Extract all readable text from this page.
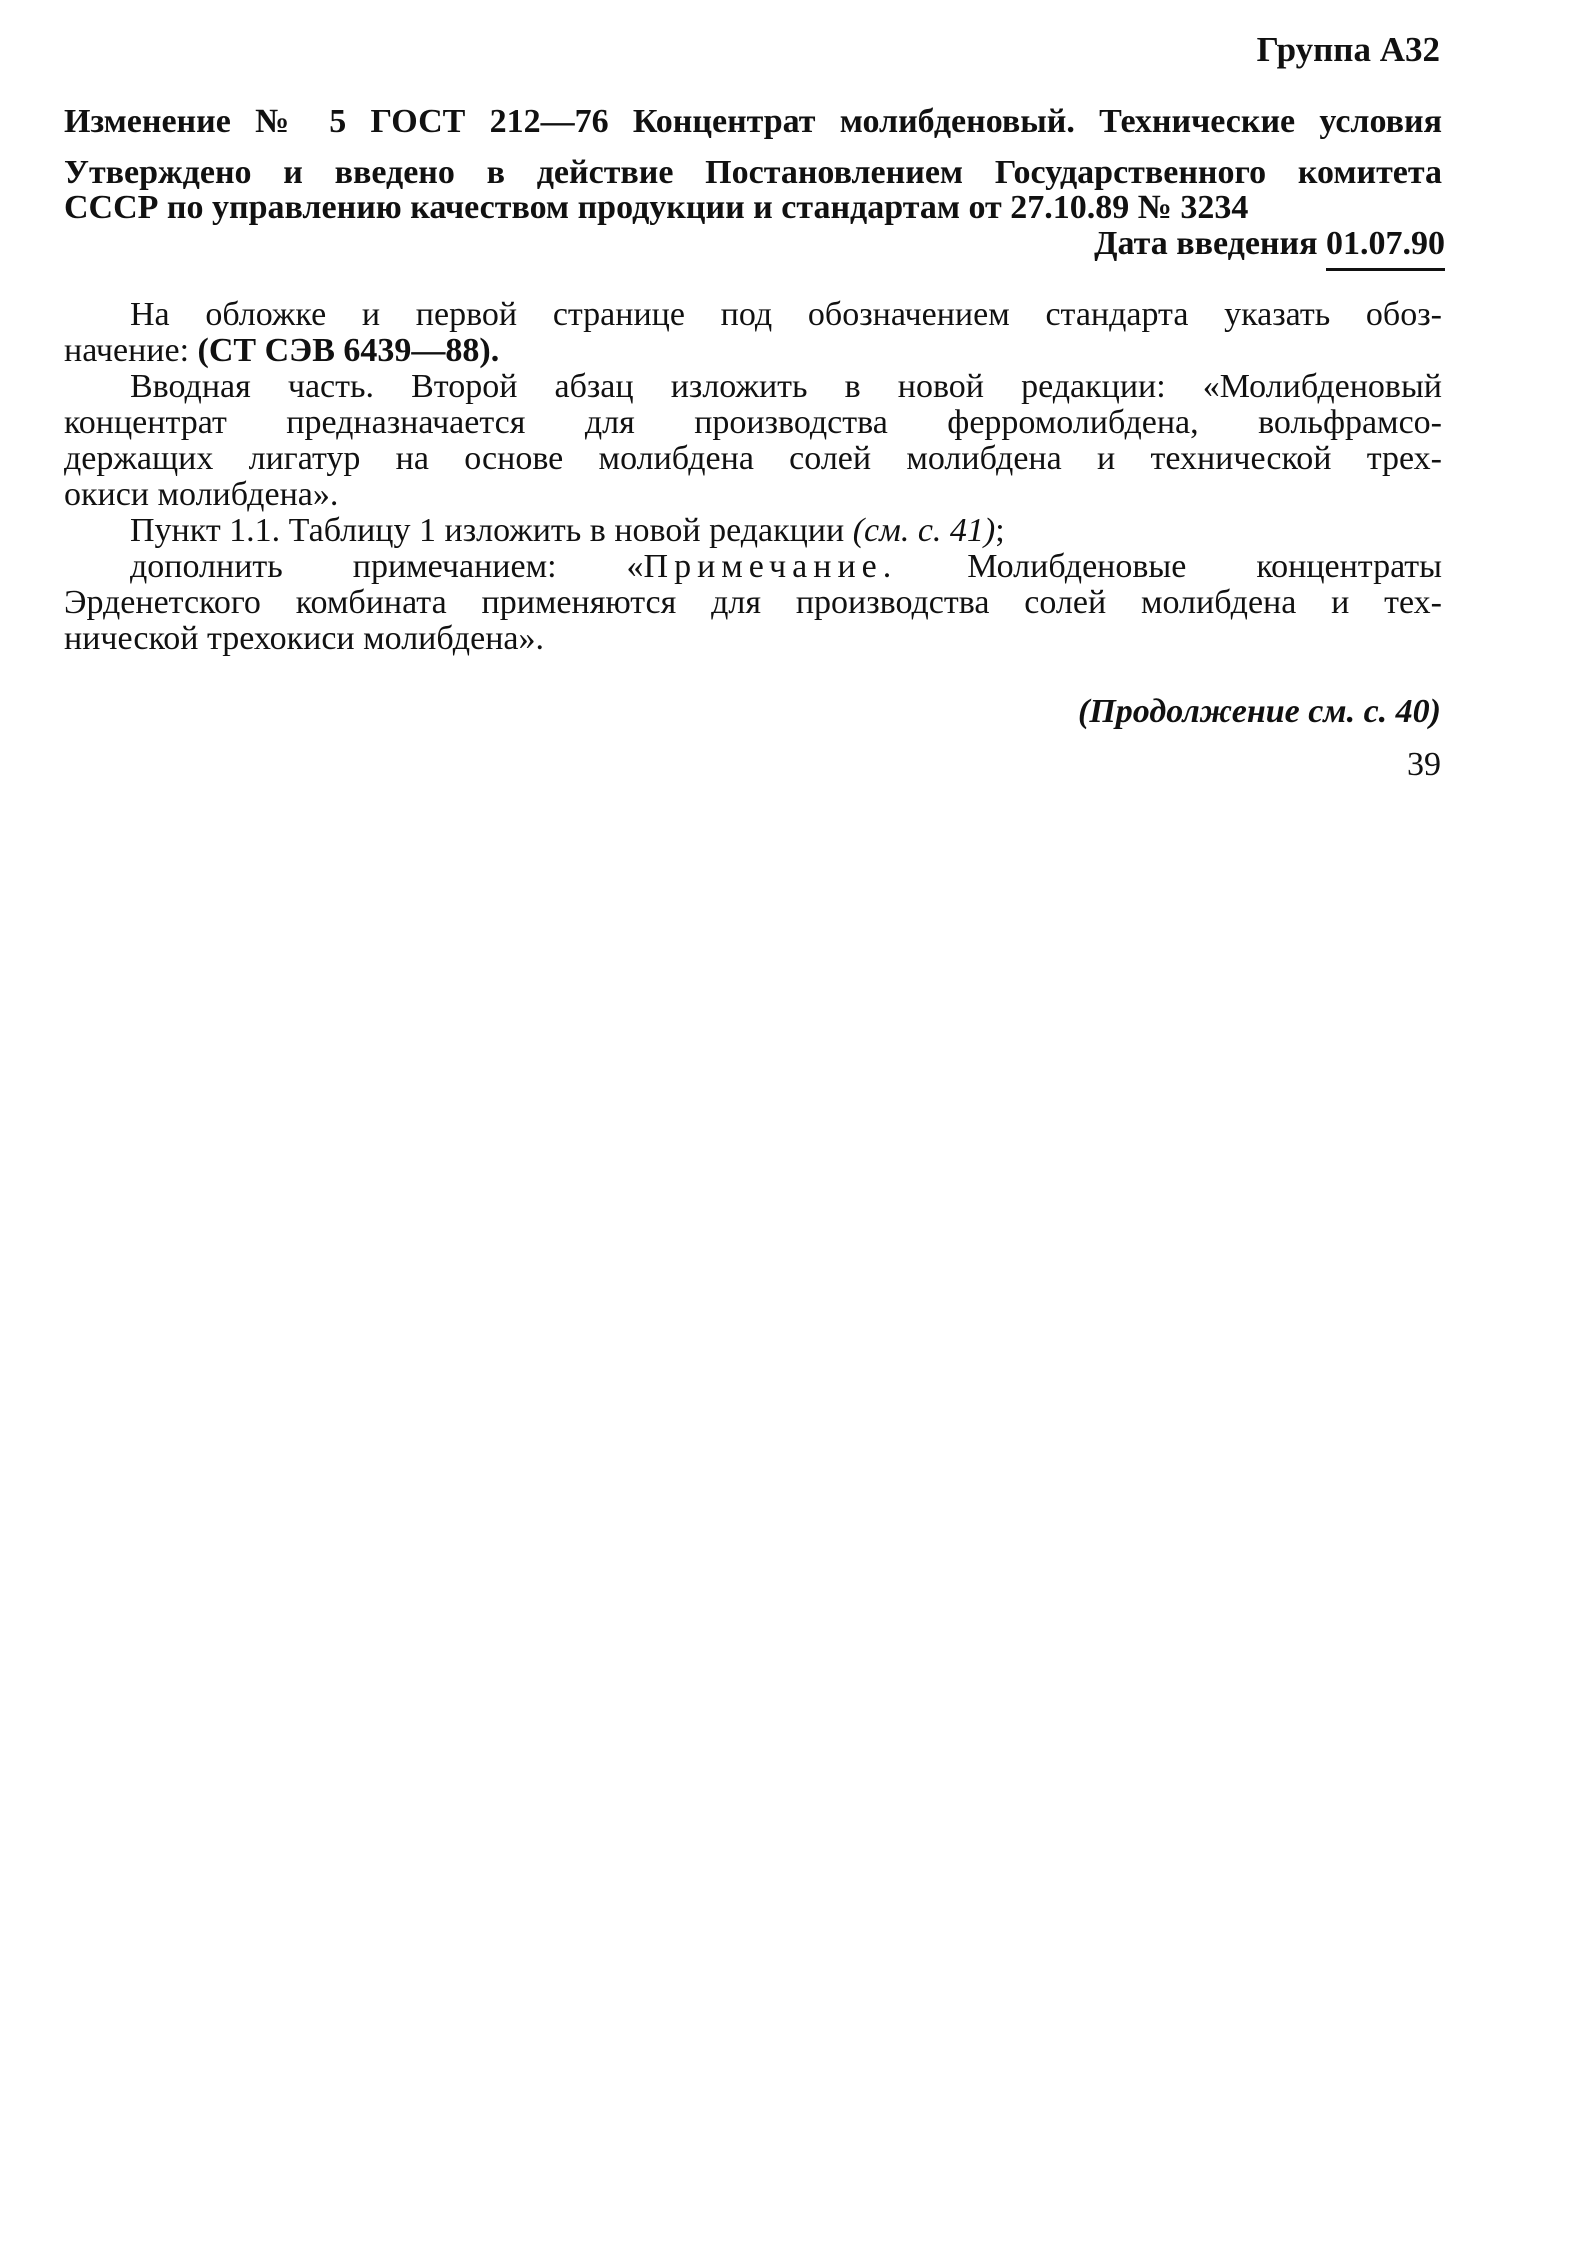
Группа А32
Изменение № 5 ГОСТ 212—76 Концентрат молибденовый. Технические условия
Утверждено и введено в действие Постановлением Государственного комитета
СССР по управлению качеством продукции и стандартам от 27.10.89 № 3234
Дата введения 01.07.90
На обложке и первой странице под обозначением стандарта указать обоз-
начение: (СТ СЭВ 6439—88).
Вводная часть. Второй абзац изложить в новой редакции: «Молибденовый
концентрат предназначается для производства ферромолибдена, вольфрамсо-
держащих лигатур на основе молибдена солей молибдена и технической трех-
окиси молибдена».
Пункт 1.1. Таблицу 1 изложить в новой редакции (см. с. 41);
дополнить примечанием: «Примечание. Молибденовые концентраты
Эрденетского комбината применяются для производства солей молибдена и тех-
нической трехокиси молибдена».
(Продолжение см. с. 40)
39
